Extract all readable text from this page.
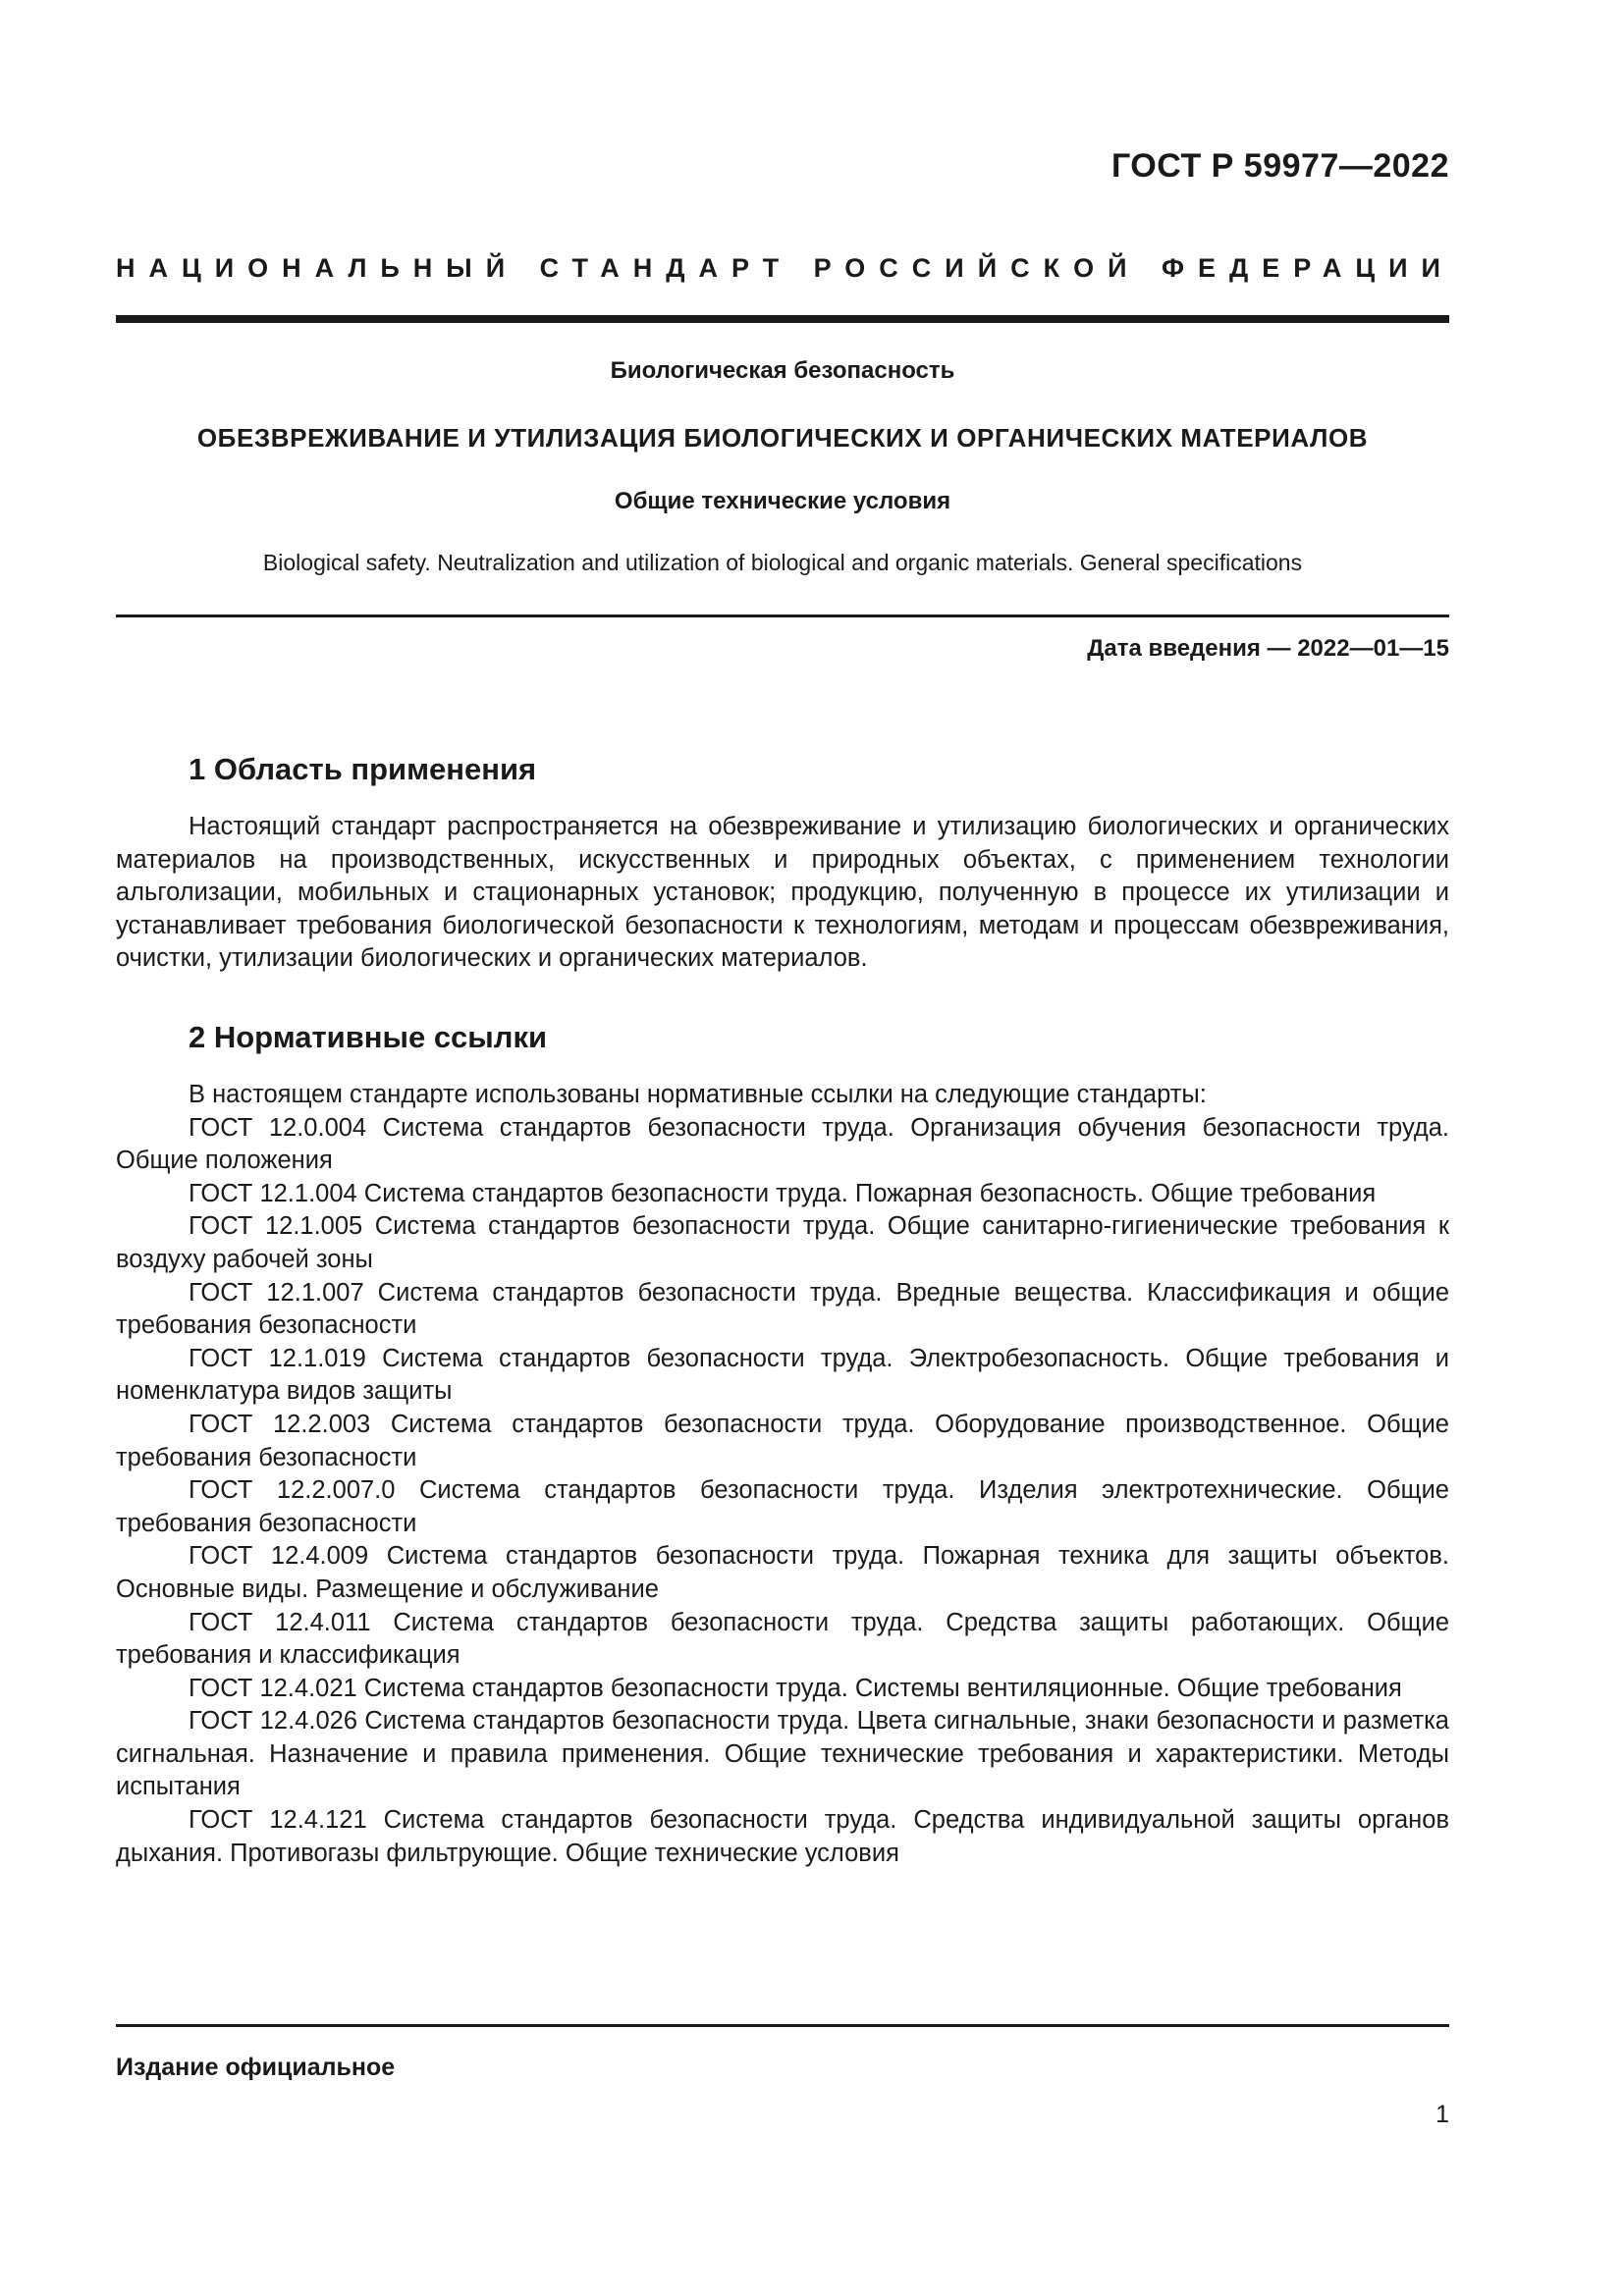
ГОСТ Р 59977—2022
НАЦИОНАЛЬНЫЙ СТАНДАРТ РОССИЙСКОЙ ФЕДЕРАЦИИ
Биологическая безопасность
ОБЕЗВРЕЖИВАНИЕ И УТИЛИЗАЦИЯ БИОЛОГИЧЕСКИХ И ОРГАНИЧЕСКИХ МАТЕРИАЛОВ
Общие технические условия
Biological safety. Neutralization and utilization of biological and organic materials. General specifications
Дата введения — 2022—01—15
1 Область применения

Настоящий стандарт распространяется на обезвреживание и утилизацию биологических и органических материалов на производственных, искусственных и природных объектах, с применением технологии альголизации, мобильных и стационарных установок; продукцию, полученную в процессе их утилизации и устанавливает требования биологической безопасности к технологиям, методам и процессам обезвреживания, очистки, утилизации биологических и органических материалов.

2 Нормативные ссылки

В настоящем стандарте использованы нормативные ссылки на следующие стандарты:

ГОСТ 12.0.004 Система стандартов безопасности труда. Организация обучения безопасности труда. Общие положения

ГОСТ 12.1.004 Система стандартов безопасности труда. Пожарная безопасность. Общие требования

ГОСТ 12.1.005 Система стандартов безопасности труда. Общие санитарно-гигиенические требования к воздуху рабочей зоны

ГОСТ 12.1.007 Система стандартов безопасности труда. Вредные вещества. Классификация и общие требования безопасности

ГОСТ 12.1.019 Система стандартов безопасности труда. Электробезопасность. Общие требования и номенклатура видов защиты

ГОСТ 12.2.003 Система стандартов безопасности труда. Оборудование производственное. Общие требования безопасности

ГОСТ 12.2.007.0 Система стандартов безопасности труда. Изделия электротехнические. Общие требования безопасности

ГОСТ 12.4.009 Система стандартов безопасности труда. Пожарная техника для защиты объектов. Основные виды. Размещение и обслуживание

ГОСТ 12.4.011 Система стандартов безопасности труда. Средства защиты работающих. Общие требования и классификация

ГОСТ 12.4.021 Система стандартов безопасности труда. Системы вентиляционные. Общие требования

ГОСТ 12.4.026 Система стандартов безопасности труда. Цвета сигнальные, знаки безопасности и разметка сигнальная. Назначение и правила применения. Общие технические требования и характеристики. Методы испытания

ГОСТ 12.4.121 Система стандартов безопасности труда. Средства индивидуальной защиты органов дыхания. Противогазы фильтрующие. Общие технические условия

Издание официальное
1
